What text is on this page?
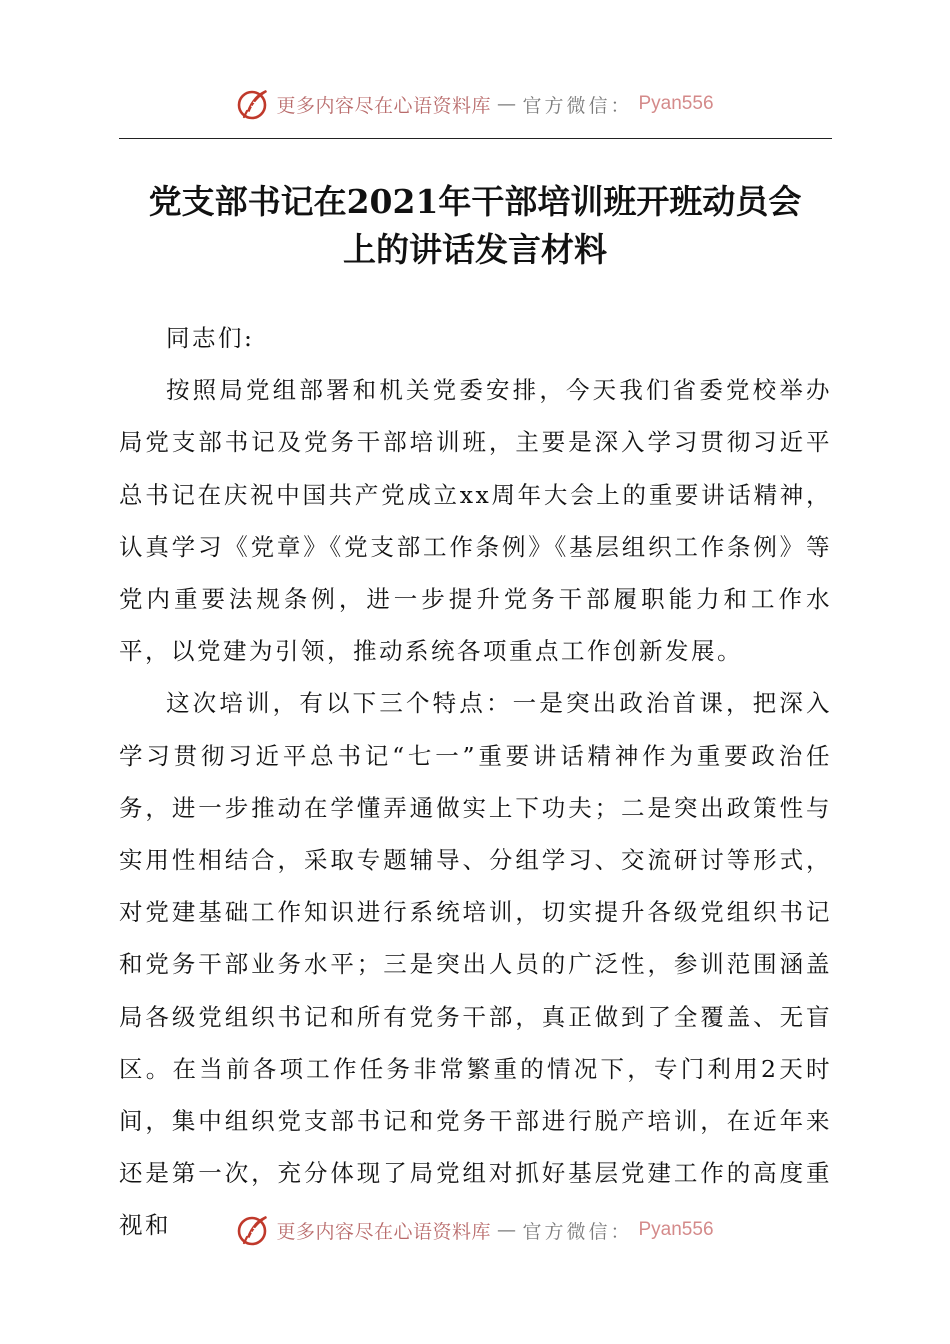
更多内容尽在心语资料库 — 官方微信： Pyan556
党支部书记在2021年干部培训班开班动员会
上的讲话发言材料

同志们:

按照局党组部署和机关党委安排，今天我们省委党校举办局党支部书记及党务干部培训班，主要是深入学习贯彻习近平总书记在庆祝中国共产党成立xx周年大会上的重要讲话精神，认真学习《党章》《党支部工作条例》《基层组织工作条例》等党内重要法规条例，进一步提升党务干部履职能力和工作水平，以党建为引领，推动系统各项重点工作创新发展。

这次培训，有以下三个特点：一是突出政治首课，把深入学习贯彻习近平总书记“七一”重要讲话精神作为重要政治任务，进一步推动在学懂弄通做实上下功夫；二是突出政策性与实用性相结合，采取专题辅导、分组学习、交流研讨等形式，对党建基础工作知识进行系统培训，切实提升各级党组织书记和党务干部业务水平；三是突出人员的广泛性，参训范围涵盖局各级党组织书记和所有党务干部，真正做到了全覆盖、无盲区。在当前各项工作任务非常繁重的情况下，专门利用2天时间，集中组织党支部书记和党务干部进行脱产培训，在近年来还是第一次，充分体现了局党组对抓好基层党建工作的高度重视和	更多内容尽在心语资料库 — 官方微信： Pyan556
